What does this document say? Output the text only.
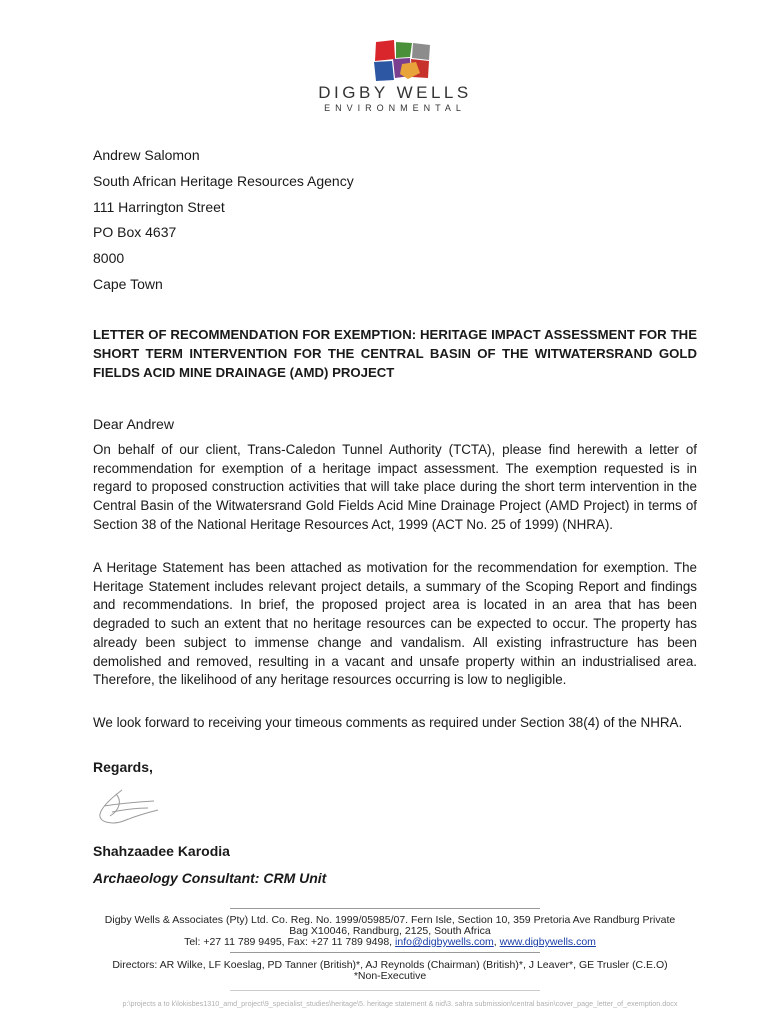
DIGBY WELLS
ENVIRONMENTAL
Andrew Salomon
South African Heritage Resources Agency
111 Harrington Street
PO Box 4637
8000
Cape Town

LETTER OF RECOMMENDATION FOR EXEMPTION: HERITAGE IMPACT ASSESSMENT FOR THE SHORT TERM INTERVENTION FOR THE CENTRAL BASIN OF THE WITWATERSRAND GOLD FIELDS ACID MINE DRAINAGE (AMD) PROJECT

Dear Andrew

On behalf of our client, Trans-Caledon Tunnel Authority (TCTA), please find herewith a letter of recommendation for exemption of a heritage impact assessment. The exemption requested is in regard to proposed construction activities that will take place during the short term intervention in the Central Basin of the Witwatersrand Gold Fields Acid Mine Drainage Project (AMD Project) in terms of Section 38 of the National Heritage Resources Act, 1999 (ACT No. 25 of 1999) (NHRA).

A Heritage Statement has been attached as motivation for the recommendation for exemption. The Heritage Statement includes relevant project details, a summary of the Scoping Report and findings and recommendations. In brief, the proposed project area is located in an area that has been degraded to such an extent that no heritage resources can be expected to occur. The property has already been subject to immense change and vandalism. All existing infrastructure has been demolished and removed, resulting in a vacant and unsafe property within an industrialised area. Therefore, the likelihood of any heritage resources occurring is low to negligible.

We look forward to receiving your timeous comments as required under Section 38(4) of the NHRA.

Regards,
Shahzaadee Karodia
Archaeology Consultant: CRM Unit
Digby Wells & Associates (Pty) Ltd. Co. Reg. No. 1999/05985/07. Fern Isle, Section 10, 359 Pretoria Ave Randburg Private
Bag X10046, Randburg, 2125, South Africa
Tel: +27 11 789 9495, Fax: +27 11 789 9498, info@digbywells.com, www.digbywells.com
Directors: AR Wilke, LF Koeslag, PD Tanner (British)*, AJ Reynolds (Chairman) (British)*, J Leaver*, GE Trusler (C.E.O)
*Non-Executive
p:\projects a to k\lokisbes1310_amd_project\9_specialist_studies\heritage\5. heritage statement & nid\3. sahra submission\central basin\cover_page_letter_of_exemption.docx
